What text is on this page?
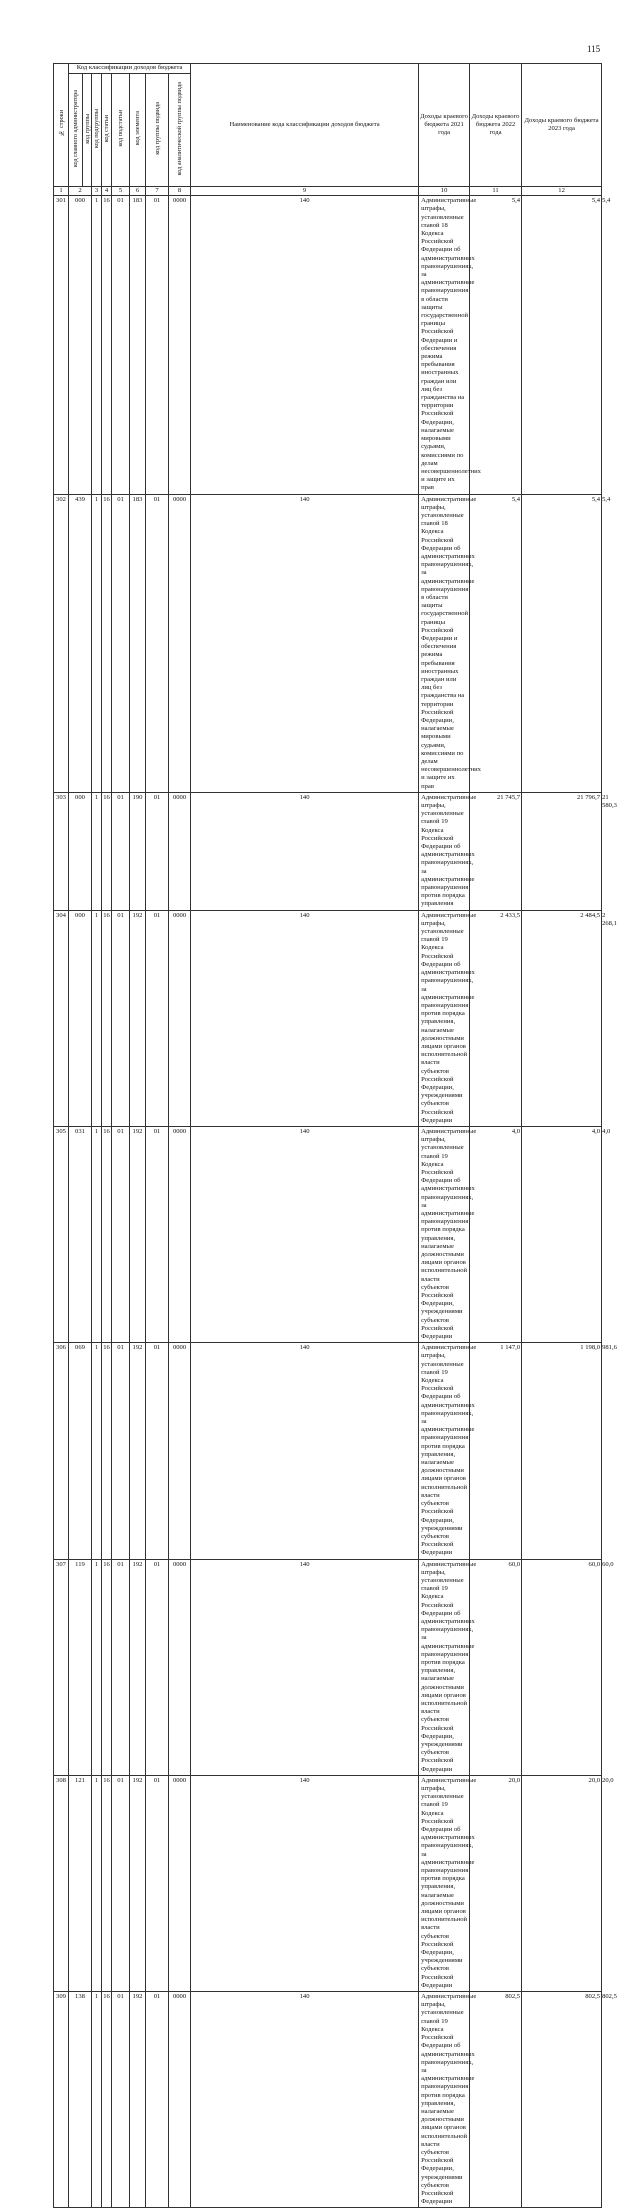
115
№ строки	Код классификации доходов бюджета								Наименование кода классификации доходов бюджета	Доходы краевого бюджета 2021 года	Доходы краевого бюджета 2022 года	Доходы краевого бюджета 2023 года	
	код главного администратора	код группы	код подгруппы	код статьи	код подстатьи	код элемента	код группы подвида	код аналитической группы подвида					
1	2		3	4	5	6	7	8	9	10	11	12	
301	000		1	16	01	183	01	0000	140	Административные штрафы, установленные главой 18 Кодекса Российской Федерации об административных правонарушениях, за административные правонарушения в области защиты государственной границы Российской Федерации и обеспечения режима пребывания иностранных граждан или лиц без гражданства на территории Российской Федерации, налагаемые мировыми судьями, комиссиями по делам несовершеннолетних и защите их прав	5,4	5,4	5,4
302	439		1	16	01	183	01	0000	140	Административные штрафы, установленные главой 18 Кодекса Российской Федерации об административных правонарушениях, за административные правонарушения в области защиты государственной границы Российской Федерации и обеспечения режима пребывания иностранных граждан или лиц без гражданства на территории Российской Федерации, налагаемые мировыми судьями, комиссиями по делам несовершеннолетних и защите их прав	5,4	5,4	5,4
303	000		1	16	01	190	01	0000	140	Административные штрафы, установленные главой 19 Кодекса Российской Федерации об административных правонарушениях, за административные правонарушения против порядка управления	21 745,7	21 796,7	21 580,3
304	000		1	16	01	192	01	0000	140	Административные штрафы, установленные главой 19 Кодекса Российской Федерации об административных правонарушениях, за административные правонарушения против порядка управления, налагаемые должностными лицами органов исполнительной власти субъектов Российской Федерации, учреждениями субъектов Российской Федерации	2 433,5	2 484,5	2 268,1
305	031		1	16	01	192	01	0000	140	Административные штрафы, установленные главой 19 Кодекса Российской Федерации об административных правонарушениях, за административные правонарушения против порядка управления, налагаемые должностными лицами органов исполнительной власти субъектов Российской Федерации, учреждениями субъектов Российской Федерации	4,0	4,0	4,0
306	069		1	16	01	192	01	0000	140	Административные штрафы, установленные главой 19 Кодекса Российской Федерации об административных правонарушениях, за административные правонарушения против порядка управления, налагаемые должностными лицами органов исполнительной власти субъектов Российской Федерации, учреждениями субъектов Российской Федерации	1 147,0	1 198,0	981,6
307	119		1	16	01	192	01	0000	140	Административные штрафы, установленные главой 19 Кодекса Российской Федерации об административных правонарушениях, за административные правонарушения против порядка управления, налагаемые должностными лицами органов исполнительной власти субъектов Российской Федерации, учреждениями субъектов Российской Федерации	60,0	60,0	60,0
308	121		1	16	01	192	01	0000	140	Административные штрафы, установленные главой 19 Кодекса Российской Федерации об административных правонарушениях, за административные правонарушения против порядка управления, налагаемые должностными лицами органов исполнительной власти субъектов Российской Федерации, учреждениями субъектов Российской Федерации	20,0	20,0	20,0
309	138		1	16	01	192	01	0000	140	Административные штрафы, установленные главой 19 Кодекса Российской Федерации об административных правонарушениях, за административные правонарушения против порядка управления, налагаемые должностными лицами органов исполнительной власти субъектов Российской Федерации, учреждениями субъектов Российской Федерации	802,5	802,5	802,5
